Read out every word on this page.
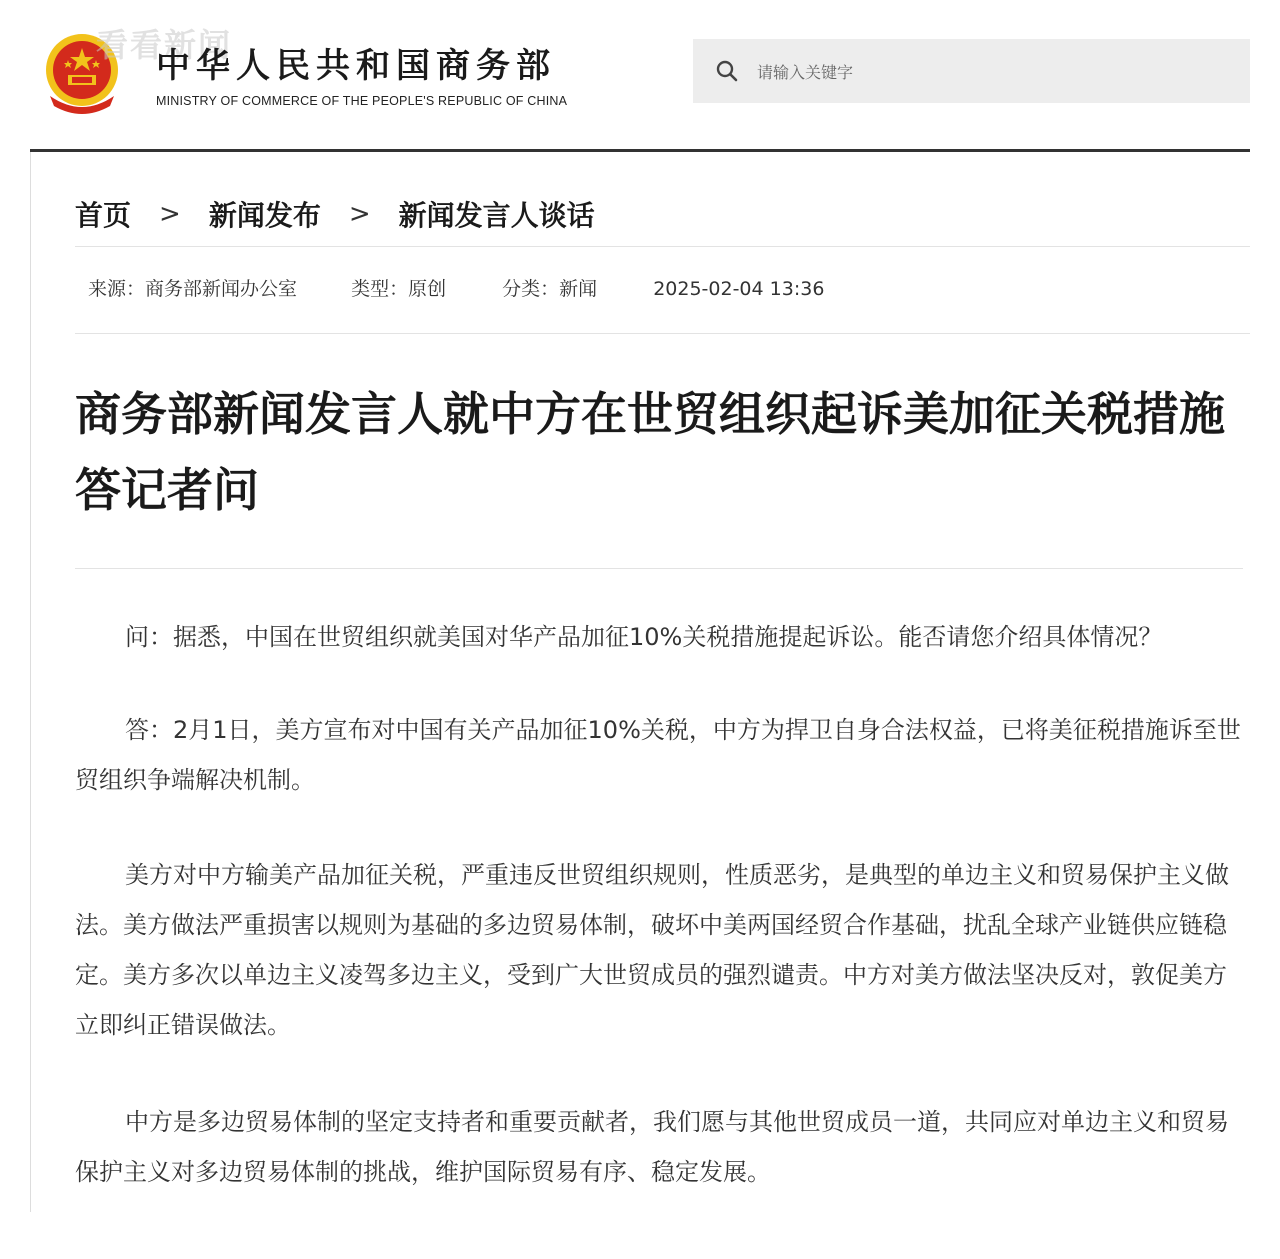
看看新闻
中华人民共和国商务部
MINISTRY OF COMMERCE OF THE PEOPLE'S REPUBLIC OF CHINA
请输入关键字
首页 > 新闻发布 > 新闻发言人谈话
来源：商务部新闻办公室	类型：原创	分类：新闻	2025-02-04 13:36
商务部新闻发言人就中方在世贸组织起诉美加征关税措施答记者问

问：据悉，中国在世贸组织就美国对华产品加征10%关税措施提起诉讼。能否请您介绍具体情况？

答：2月1日，美方宣布对中国有关产品加征10%关税，中方为捍卫自身合法权益，已将美征税措施诉至世贸组织争端解决机制。

美方对中方输美产品加征关税，严重违反世贸组织规则，性质恶劣，是典型的单边主义和贸易保护主义做法。美方做法严重损害以规则为基础的多边贸易体制，破坏中美两国经贸合作基础，扰乱全球产业链供应链稳定。美方多次以单边主义凌驾多边主义，受到广大世贸成员的强烈谴责。中方对美方做法坚决反对，敦促美方立即纠正错误做法。

中方是多边贸易体制的坚定支持者和重要贡献者，我们愿与其他世贸成员一道，共同应对单边主义和贸易保护主义对多边贸易体制的挑战，维护国际贸易有序、稳定发展。
